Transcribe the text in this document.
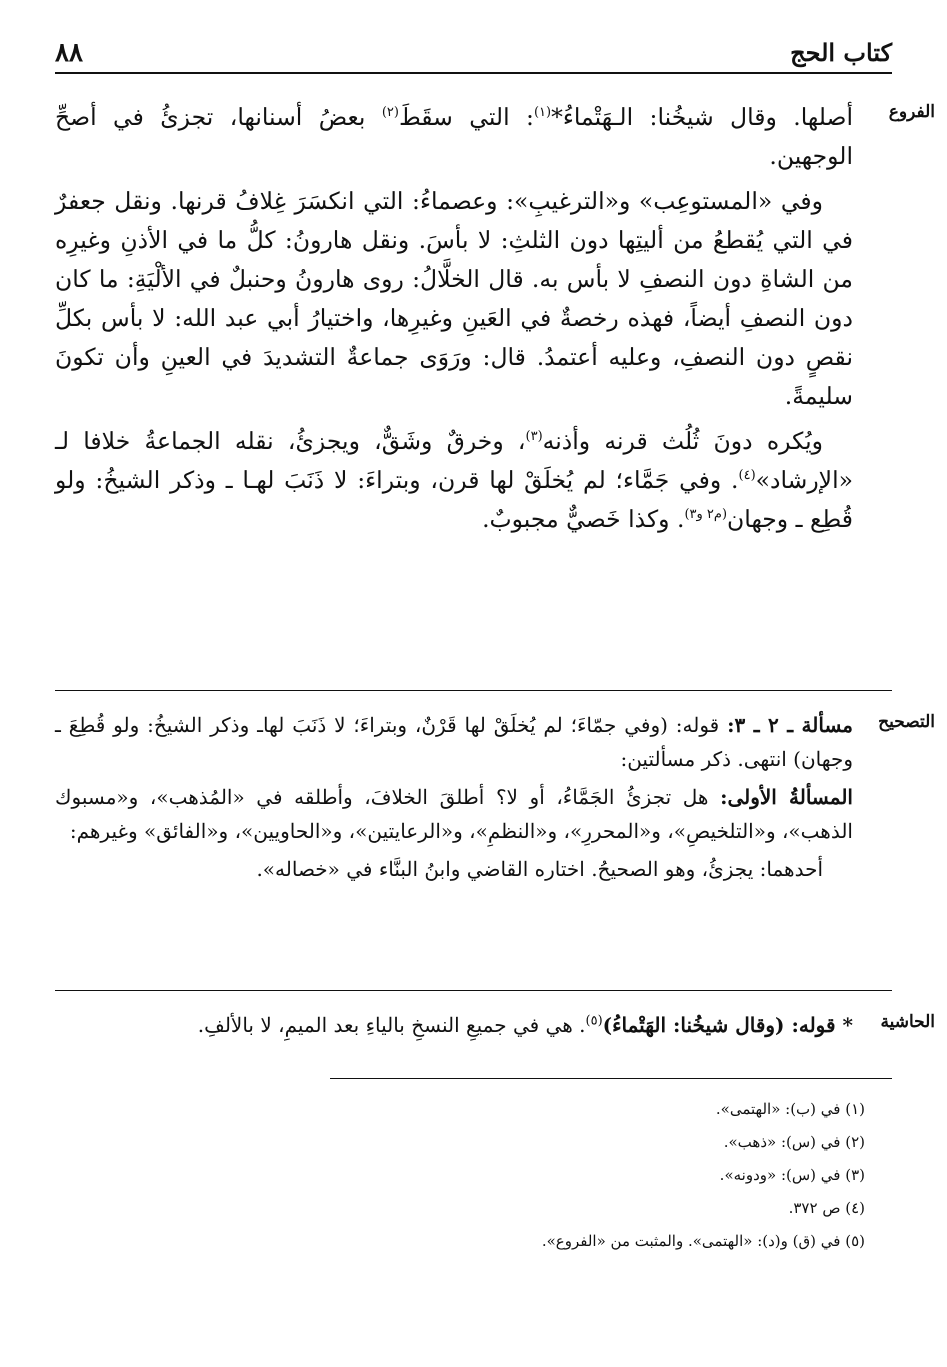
٨٨	كتاب الحج
الفروع

أصلها. وقال شيخُنا: الـهَتْماءُ*$^{(١)}$: التي سقَطَ$^{(٢)}$ بعضُ أسنانها، تجزئُ في أصحِّ الوجهين.

وفي «المستوعِب» و«الترغيبِ»: وعصماءُ: التي انكسَرَ غِلافُ قرنها. ونقل جعفرٌ في التي يُقطعُ من أليتِها دون الثلثِ: لا بأسَ. ونقل هارونُ: كلُّ ما في الأذنِ وغيرِه من الشاةِ دون النصفِ لا بأس به. قال الخلَّالُ: روى هارونُ وحنبلٌ في الألْيَةِ: ما كان دون النصفِ أيضاً، فهذه رخصةٌ في العَينِ وغيرِها، واختيارُ أبي عبد الله: لا بأس بكلِّ نقصٍ دون النصفِ، وعليه أعتمدُ. قال: ورَوَى جماعةٌ التشديدَ في العينِ وأن تكونَ سليمةً.

ويُكره دونَ ثُلُث قرنه وأذنه$^{(٣)}$، وخرقٌ وشَقٌّ، ويجزئُ، نقله الجماعةُ خلافا لـ «الإرشاد»$^{(٤)}$. وفي جَمَّاء؛ لم يُخلَقْ لها قرن، وبتراءَ: لا ذَنَبَ لهـا ـ وذكر الشيخُ: ولو قُطِع ـ وجهان$^{(م٢ و٣)}$. وكذا خَصيٌّ مجبوبٌ.

التصحيح

مسألة ـ ٢ ـ ٣: قوله: (وفي جمّاءَ؛ لم يُخلَقْ لها قَرْنٌ، وبتراءَ؛ لا ذَنَبَ لهاـ وذكر الشيخُ: ولو قُطِعَ ـ وجهان) انتهى. ذكر مسألتين:

المسألةُ الأولى: هل تجزئُ الجَمَّاءُ، أو لا؟ أطلقَ الخلافَ، وأطلقه في «المُذهب»، و«مسبوك الذهب»، و«التلخيصِ»، و«المحررِ»، و«النظمِ»، و«الرعايتين»، و«الحاويين»، و«الفائق» وغيرهم:

أحدهما: يجزئُ، وهو الصحيحُ. اختاره القاضي وابنُ البنَّاء في «خصاله».

الحاشية
* قوله: (وقال شيخُنا: الهَتْماءُ)$^{(٥)}$. هي في جميعِ النسخِ بالياءِ بعد الميمِ، لا بالألفِ.
(١) في (ب): «الهتمى».
(٢) في (س): «ذهب».
(٣) في (س): «ودونه».
(٤) ص ٣٧٢.
(٥) في (ق) و(د): «الهتمى». والمثبت من «الفروع».
